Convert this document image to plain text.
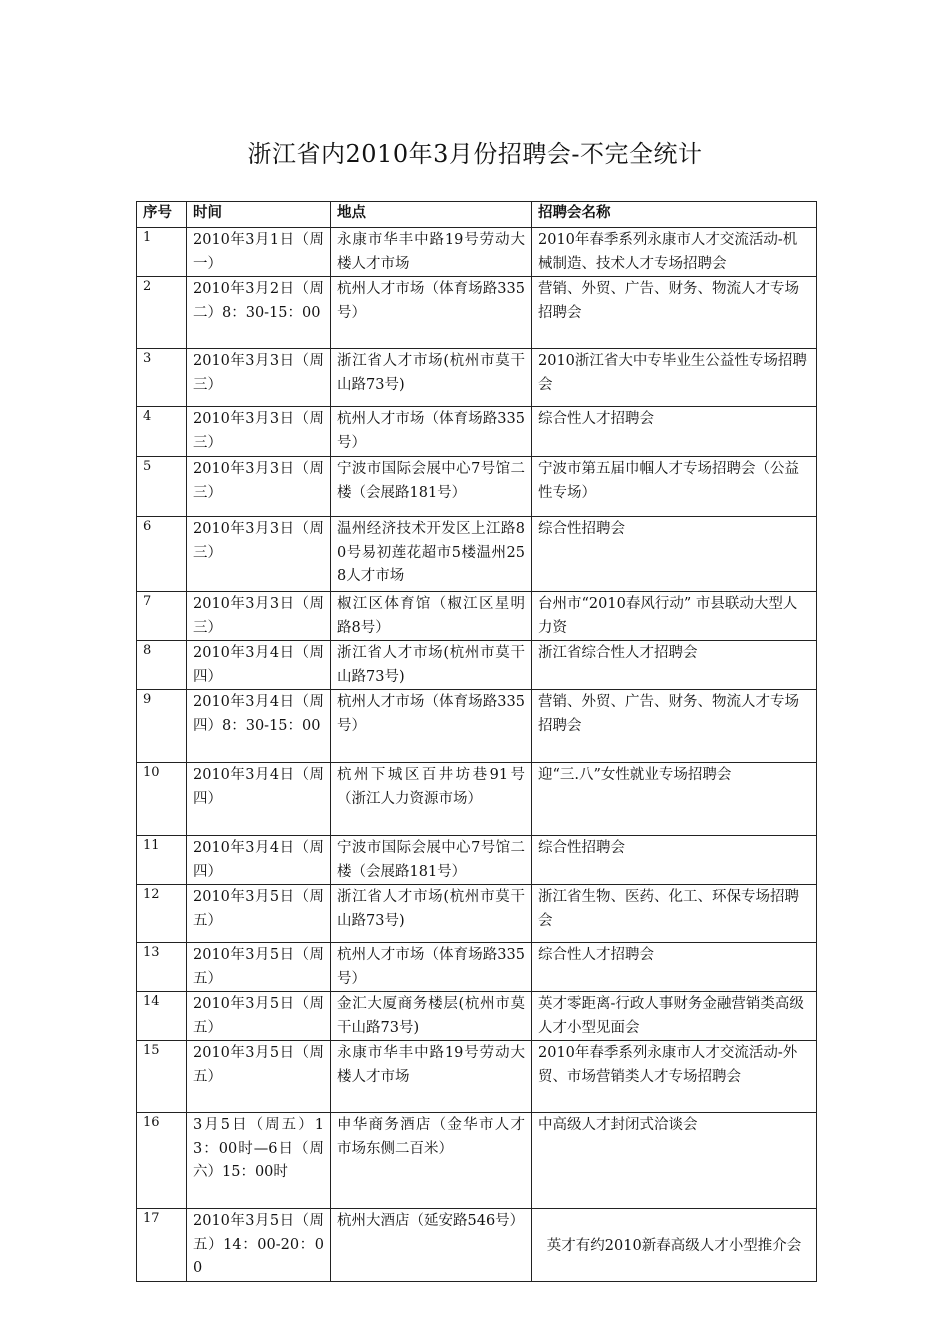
浙江省内2010年3月份招聘会-不完全统计
序号	时间	地点	招聘会名称
1	2010年3月1日（周一）	永康市华丰中路19号劳动大楼人才市场	2010年春季系列永康市人才交流活动-机械制造、技术人才专场招聘会
2	2010年3月2日（周二）8：30-15：00	杭州人才市场（体育场路335号）	营销、外贸、广告、财务、物流人才专场招聘会
3	2010年3月3日（周三）	浙江省人才市场(杭州市莫干山路73号)	2010浙江省大中专毕业生公益性专场招聘会
4	2010年3月3日（周三）	杭州人才市场（体育场路335号）	综合性人才招聘会
5	2010年3月3日（周三）	宁波市国际会展中心7号馆二楼（会展路181号）	宁波市第五届巾帼人才专场招聘会（公益性专场）
6	2010年3月3日（周三）	温州经济技术开发区上江路80号易初莲花超市5楼温州258人才市场	综合性招聘会
7	2010年3月3日（周三）	椒江区体育馆（椒江区星明路8号）	台州市“2010春风行动” 市县联动大型人力资
8	2010年3月4日（周四）	浙江省人才市场(杭州市莫干山路73号)	浙江省综合性人才招聘会
9	2010年3月4日（周四）8：30-15：00	杭州人才市场（体育场路335号）	营销、外贸、广告、财务、物流人才专场招聘会
10	2010年3月4日（周四）	杭州下城区百井坊巷91号（浙江人力资源市场）	迎“三.八”女性就业专场招聘会
11	2010年3月4日（周四）	宁波市国际会展中心7号馆二楼（会展路181号）	综合性招聘会
12	2010年3月5日（周五）	浙江省人才市场(杭州市莫干山路73号)	浙江省生物、医药、化工、环保专场招聘会
13	2010年3月5日（周五）	杭州人才市场（体育场路335号）	综合性人才招聘会
14	2010年3月5日（周五）	金汇大厦商务楼层(杭州市莫干山路73号)	英才零距离-行政人事财务金融营销类高级人才小型见面会
15	2010年3月5日（周五）	永康市华丰中路19号劳动大楼人才市场	2010年春季系列永康市人才交流活动-外贸、市场营销类人才专场招聘会
16	3月5日（周五）13：00时—6日（周六）15：00时	申华商务酒店（金华市人才市场东侧二百米）	中高级人才封闭式洽谈会
17	2010年3月5日（周五）14：00-20：00	杭州大酒店（延安路546号）	英才有约2010新春高级人才小型推介会
